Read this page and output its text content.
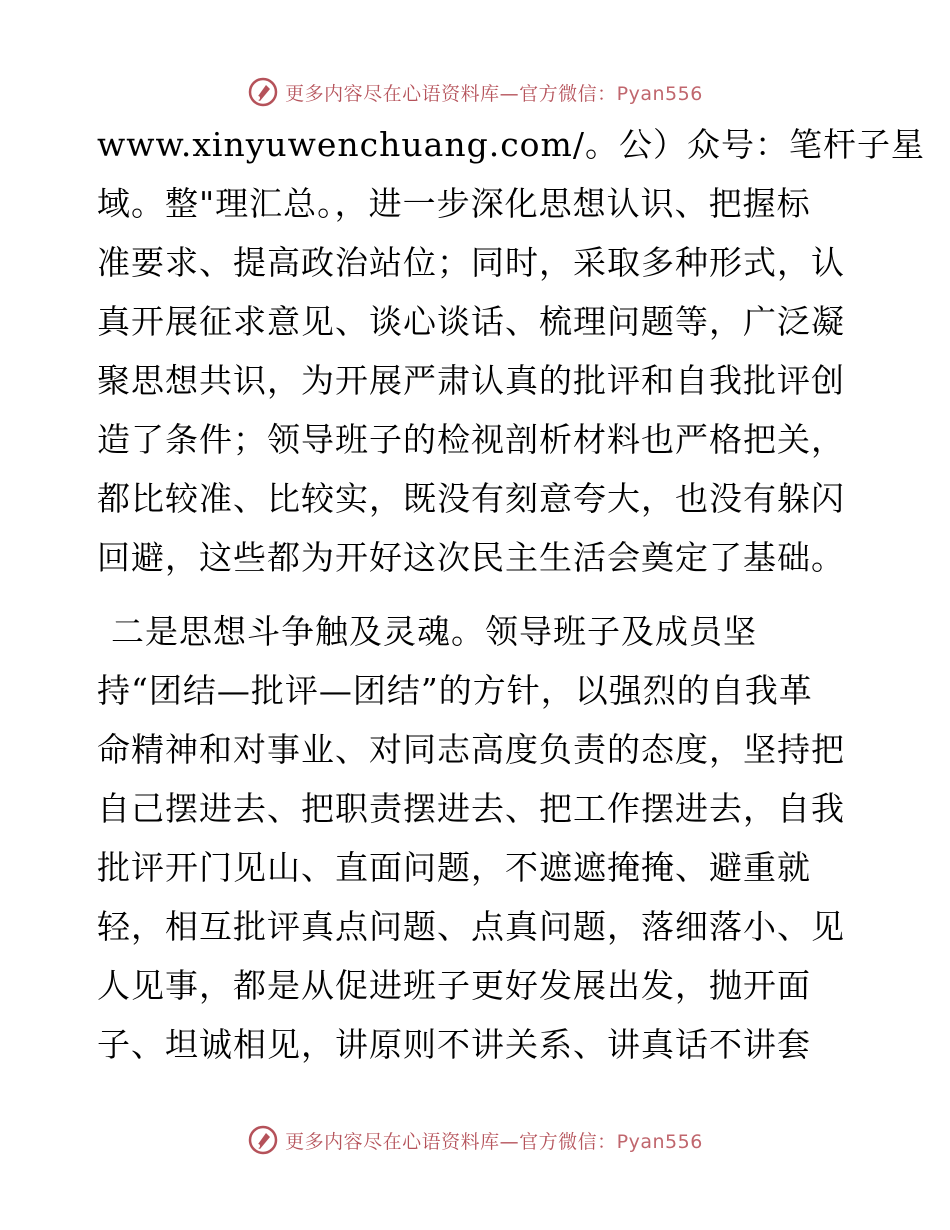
更多内容尽在心语资料库—官方微信：Pyan556
www.xinyuwenchuang.com/。公）众号：笔杆子星
域。整"理汇总。，进一步深化思想认识、把握标
准要求、提高政治站位；同时，采取多种形式，认
真开展征求意见、谈心谈话、梳理问题等，广泛凝
聚思想共识，为开展严肃认真的批评和自我批评创
造了条件；领导班子的检视剖析材料也严格把关，
都比较准、比较实，既没有刻意夸大，也没有躲闪
回避，这些都为开好这次民主生活会奠定了基础。
二是思想斗争触及灵魂。领导班子及成员坚
持“团结—批评—团结”的方针，以强烈的自我革
命精神和对事业、对同志高度负责的态度，坚持把
自己摆进去、把职责摆进去、把工作摆进去，自我
批评开门见山、直面问题，不遮遮掩掩、避重就
轻，相互批评真点问题、点真问题，落细落小、见
人见事，都是从促进班子更好发展出发，抛开面
子、坦诚相见，讲原则不讲关系、讲真话不讲套
更多内容尽在心语资料库—官方微信：Pyan556
